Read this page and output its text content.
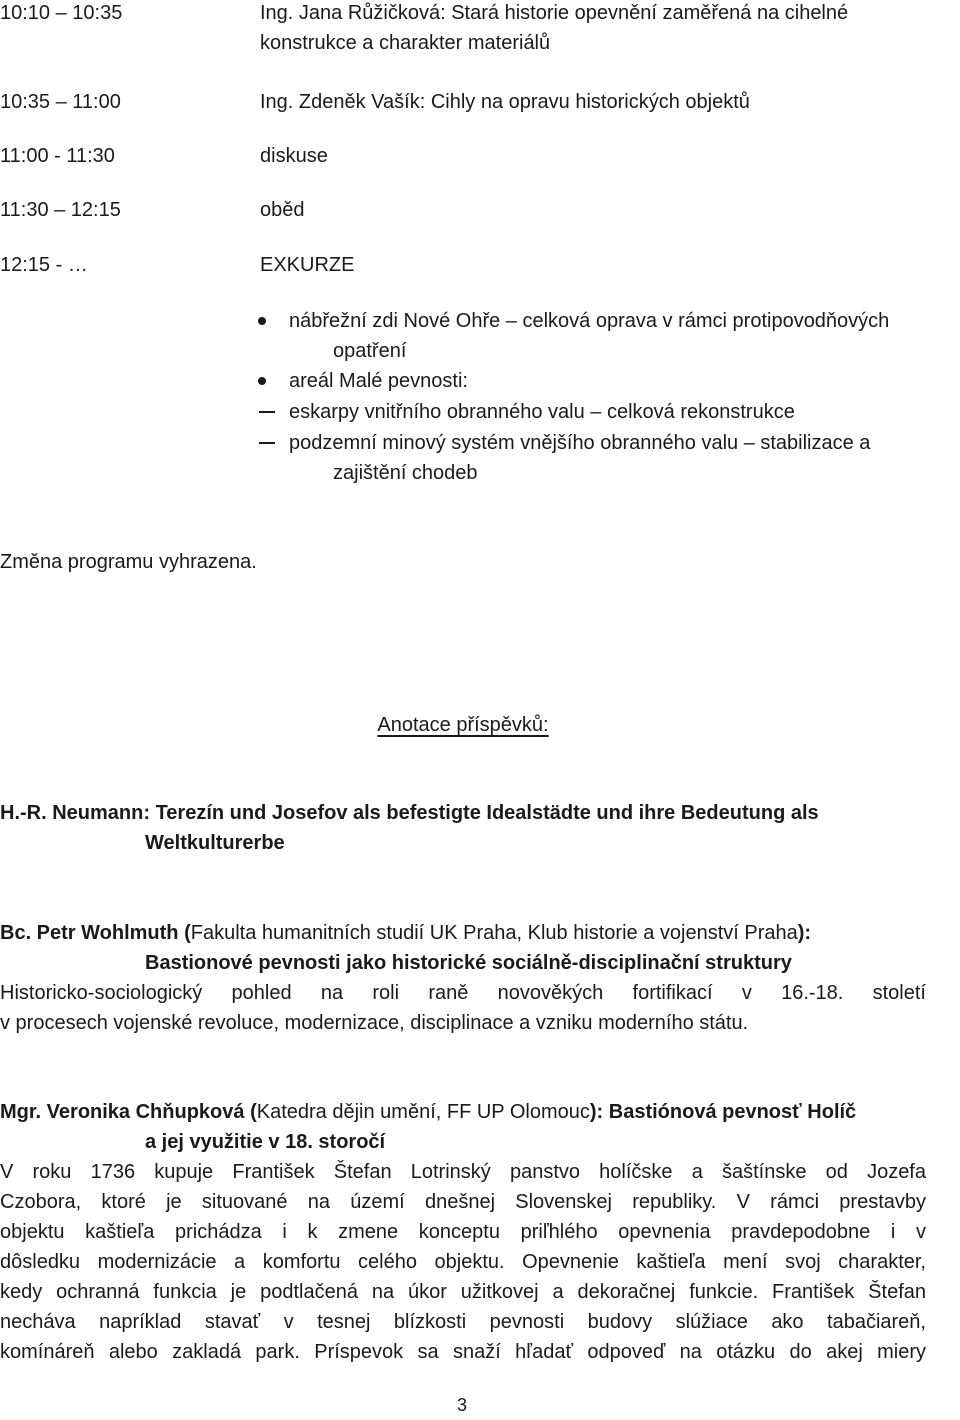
10:10 – 10:35	Ing. Jana Růžičková: Stará historie opevnění zaměřená na cihelné
konstrukce a charakter materiálů
10:35 – 11:00	Ing. Zdeněk Vašík: Cihly na opravu historických objektů
11:00 - 11:30	diskuse
11:30 – 12:15	oběd
12:15 - …	EXKURZE
nábřežní zdi Nové Ohře – celková oprava v rámci protipovodňových
opatření
areál Malé pevnosti:
eskarpy vnitřního obranného valu – celková rekonstrukce
podzemní minový systém vnějšího obranného valu – stabilizace a
zajištění chodeb
Změna programu vyhrazena.
Anotace příspěvků:
H.-R. Neumann: Terezín und Josefov als befestigte Idealstädte und ihre Bedeutung als
Weltkulturerbe
Bc. Petr Wohlmuth (Fakulta humanitních studií UK Praha, Klub historie a vojenství Praha):
Bastionové pevnosti jako historické sociálně-disciplinační struktury
Historicko-sociologický pohled na roli raně novověkých fortifikací v 16.-18. století
v procesech vojenské revoluce, modernizace, disciplinace a vzniku moderního státu.
Mgr. Veronika Chňupková (Katedra dějin umění, FF UP Olomouc): Bastiónová pevnosť Holíč
a jej využitie v 18. storočí
V roku 1736 kupuje František Štefan Lotrinský panstvo holíčske a šaštínske od Jozefa
Czobora, ktoré je situované na území dnešnej Slovenskej republiky. V rámci prestavby
objektu kaštieľa prichádza i k zmene konceptu priľhlého opevnenia pravdepodobne i v
dôsledku modernizácie a komfortu celého objektu. Opevnenie kaštieľa mení svoj charakter,
kedy ochranná funkcia je podtlačená na úkor užitkovej a dekoračnej funkcie. František Štefan
necháva napríklad stavať v tesnej blízkosti pevnosti budovy slúžiace ako tabačiareň,
komínáreň alebo zakladá park. Príspevok sa snaží hľadať odpoveď na otázku do akej miery
3
